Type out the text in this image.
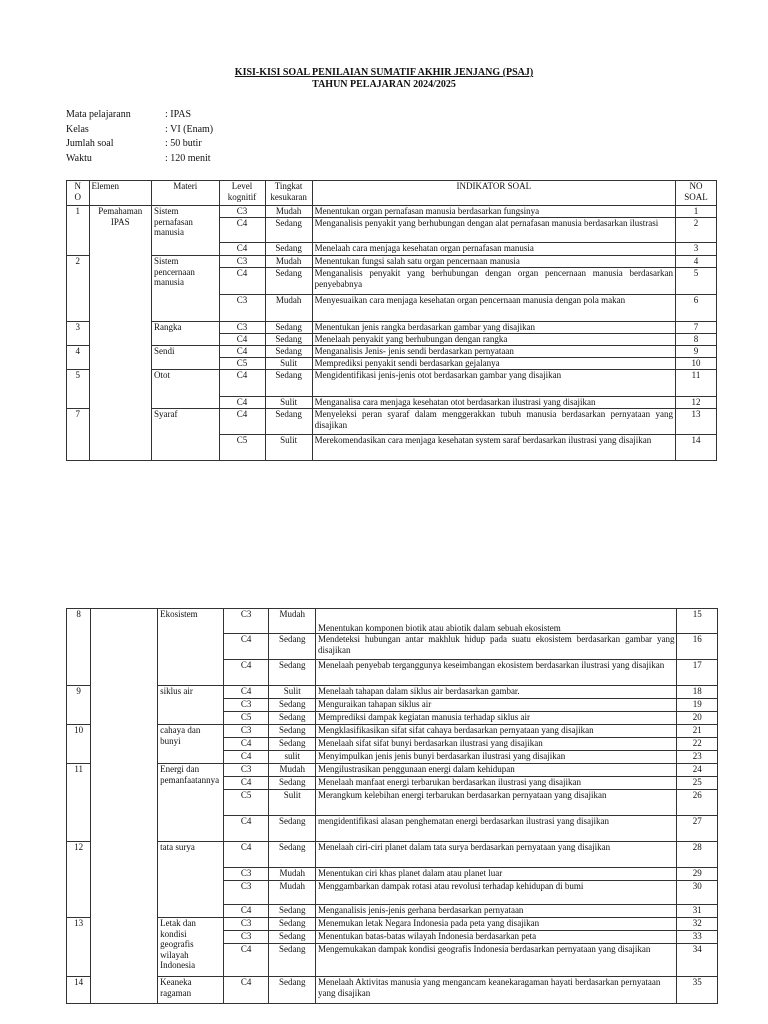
KISI-KISI SOAL PENILAIAN SUMATIF AKHIR JENJANG (PSAJ)
TAHUN PELAJARAN 2024/2025
Mata pelajarann	: IPAS
Kelas	: VI (Enam)
Jumlah soal	: 50 butir
Waktu	: 120 menit
N
O	Elemen	Materi	Level
kognitif	Tingkat
kesukaran	INDIKATOR SOAL	NO
SOAL
1	Pemahaman IPAS	Sistem pernafasan manusia	C3	Mudah	Menentukan organ pernafasan manusia berdasarkan fungsinya	1
			C4	Sedang	Menganalisis penyakit yang berhubungan dengan alat pernafasan manusia berdasarkan ilustrasi	2
			C4	Sedang	Menelaah cara menjaga kesehatan organ pernafasan manusia	3
2		Sistem pencernaan manusia	C3	Mudah	Menentukan fungsi salah satu organ pencernaan manusia	4
			C4	Sedang	Menganalisis penyakit yang berhubungan dengan organ pencernaan manusia berdasarkan penyebabnya	5
			C3	Mudah	Menyesuaikan cara menjaga kesehatan organ pencernaan manusia dengan pola makan	6
3		Rangka	C3	Sedang	Menentukan jenis rangka berdasarkan gambar yang disajikan	7
			C4	Sedang	Menelaah penyakit yang berhubungan dengan rangka	8
4		Sendi	C4	Sedang	Menganalisis Jenis- jenis sendi berdasarkan pernyataan	9
			C5	Sulit	Memprediksi penyakit sendi berdasarkan gejalanya	10
5		Otot	C4	Sedang	Mengidentifikasi jenis-jenis otot berdasarkan gambar yang disajikan	11
			C4	Sulit	Menganalisa cara menjaga kesehatan otot berdasarkan ilustrasi yang disajikan	12
7		Syaraf	C4	Sedang	Menyeleksi peran syaraf dalam menggerakkan tubuh manusia berdasarkan pernyataan yang disajikan	13
			C5	Sulit	Merekomendasikan cara menjaga kesehatan system saraf berdasarkan ilustrasi yang disajikan	14
8		Ekosistem	C3	Mudah	Menentukan komponen biotik atau abiotik dalam sebuah ekosistem	15
			C4	Sedang	Mendeteksi hubungan antar makhluk hidup pada suatu ekosistem berdasarkan gambar yang disajikan	16
			C4	Sedang	Menelaah penyebab terganggunya keseimbangan ekosistem berdasarkan ilustrasi yang disajikan	17
9		siklus air	C4	Sulit	Menelaah tahapan dalam siklus air berdasarkan gambar.	18
			C3	Sedang	Menguraikan tahapan siklus air	19
			C5	Sedang	Memprediksi dampak kegiatan manusia terhadap siklus air	20
10		cahaya dan bunyi	C3	Sedang	Mengklasifikasikan sifat sifat cahaya berdasarkan pernyataan yang disajikan	21
			C4	Sedang	Menelaah sifat sifat bunyi berdasarkan ilustrasi yang disajikan	22
			C4	sulit	Menyimpulkan jenis jenis bunyi berdasarkan ilustrasi yang disajikan	23
11		Energi dan pemanfaatannya	C3	Mudah	Mengilustrasikan penggunaan energi dalam kehidupan	24
			C4	Sedang	Menelaah manfaat energi terbarukan berdasarkan ilustrasi yang disajikan	25
			C5	Sulit	Merangkum kelebihan energi terbarukan berdasarkan pernyataan yang disajikan	26
			C4	Sedang	mengidentifikasi alasan penghematan energi berdasarkan ilustrasi yang disajikan	27
12		tata surya	C4	Sedang	Menelaah ciri-ciri planet dalam tata surya berdasarkan pernyataan yang disajikan	28
			C3	Mudah	Menentukan ciri khas planet dalam atau planet luar	29
			C3	Mudah	Menggambarkan dampak rotasi atau revolusi terhadap kehidupan di bumi	30
			C4	Sedang	Menganalisis jenis-jenis gerhana berdasarkan pernyataan	31
13		Letak dan kondisi geografis wilayah Indonesia	C3	Sedang	Menemukan letak Negara Indonesia pada peta yang disajikan	32
			C3	Sedang	Menentukan batas-batas wilayah Indonesia berdasarkan peta	33
			C4	Sedang	Mengemukakan dampak kondisi geografis Indonesia berdasarkan pernyataan yang disajikan	34
14		Keaneka ragaman	C4	Sedang	Menelaah Aktivitas manusia yang mengancam keanekaragaman hayati berdasarkan pernyataan yang disajikan	35
